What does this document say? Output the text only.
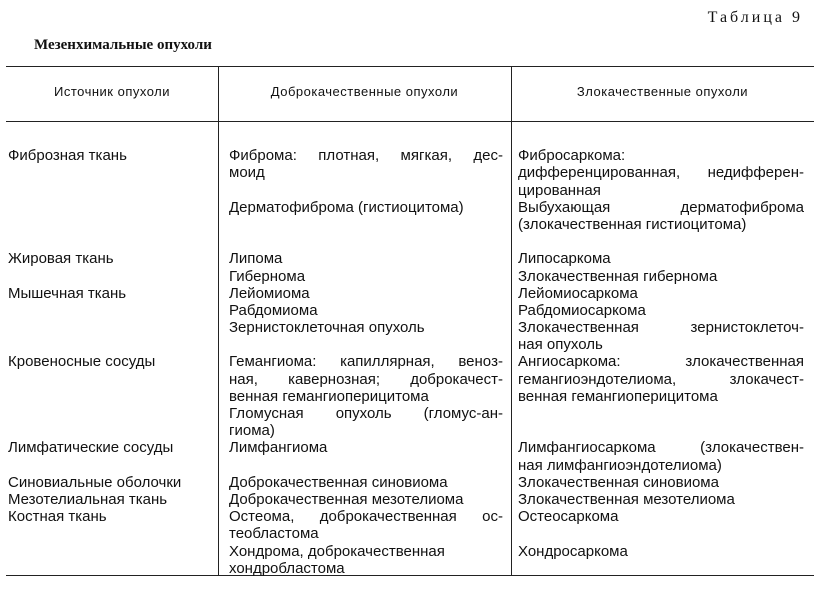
Таблица 9
Мезенхимальные опухоли
Источник опухоли	Доброкачественные опухоли	Злокачественные опухоли
Фиброзная ткань
Жировая ткань
Мышечная ткань
Кровеносные сосуды
Лимфатические сосуды
Синовиальные оболочки
Мезотелиальная ткань
Костная ткань
Фиброма: плотная, мягкая, дес-
моид
Дерматофиброма (гистиоцитома)
Липома
Гибернома
Лейомиома
Рабдомиома
Зернистоклеточная опухоль
Гемангиома: капиллярная, венoз-
ная, кавернозная; доброкачест-
венная гемангиоперицитома
Гломусная опухоль (гломус-ан-
гиома)
Лимфангиома
Доброкачественная синовиома
Доброкачественная мезотелиома
Остеома, доброкачественная ос-
теобластома
Хондрома, доброкачественная
хондробластома
Фибросаркома:
дифференцированная, недифферен-
цированная
Выбухающая дерматофиброма
(злокачественная гистиоцитома)
Липосаркома
Злокачественная гибернома
Лейомиосаркома
Рабдомиосаркома
Злокачественная зернистоклеточ-
ная опухоль
Ангиосаркома: злокачественная
гемангиоэндотелиома, злокачест-
венная гемангиоперицитома
Лимфангиосаркома (злокачествен-
ная лимфангиоэндотелиома)
Злокачественная синовиома
Злокачественная мезотелиома
Остеосаркома
Хондросаркома
